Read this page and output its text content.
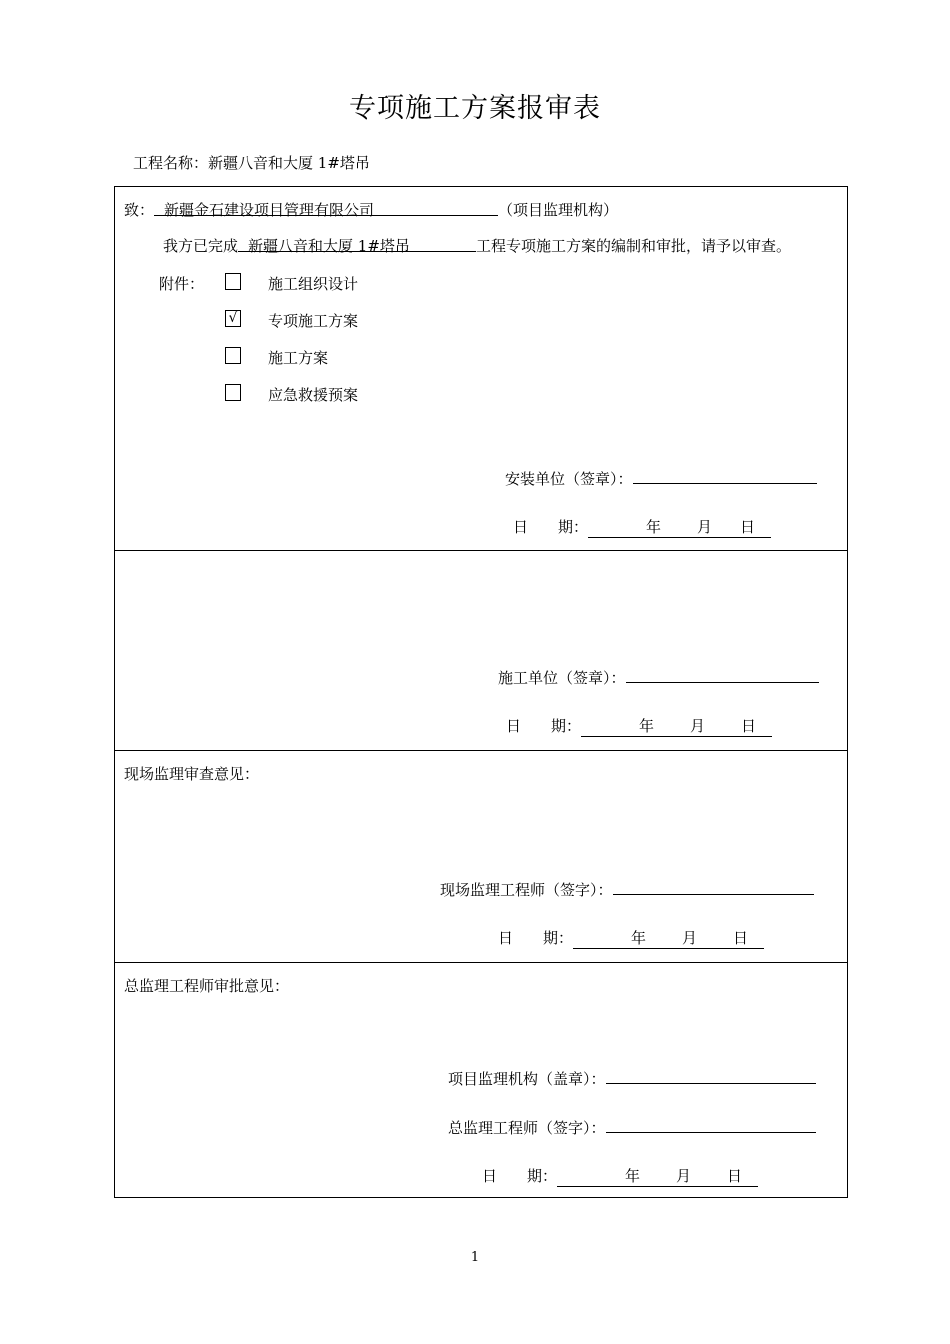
专项施工方案报审表
工程名称：新疆八音和大厦 1#塔吊
致： 新疆金石建设项目管理有限公司	（项目监理机构）
我方已完成 新疆八音和大厦 1#塔吊	工程专项施工方案的编制和审批，请予以审查。
附件：	施工组织设计
√ 专项施工方案
施工方案
应急救援预案
安装单位（签章）：
日　　期：	年 月 日
施工单位（签章）：
日　　期：	年 月 日
现场监理审查意见：
现场监理工程师（签字）：
日　　期：	年 月 日
总监理工程师审批意见：
项目监理机构（盖章）：
总监理工程师（签字）：
日　　期：	年 月 日
1
